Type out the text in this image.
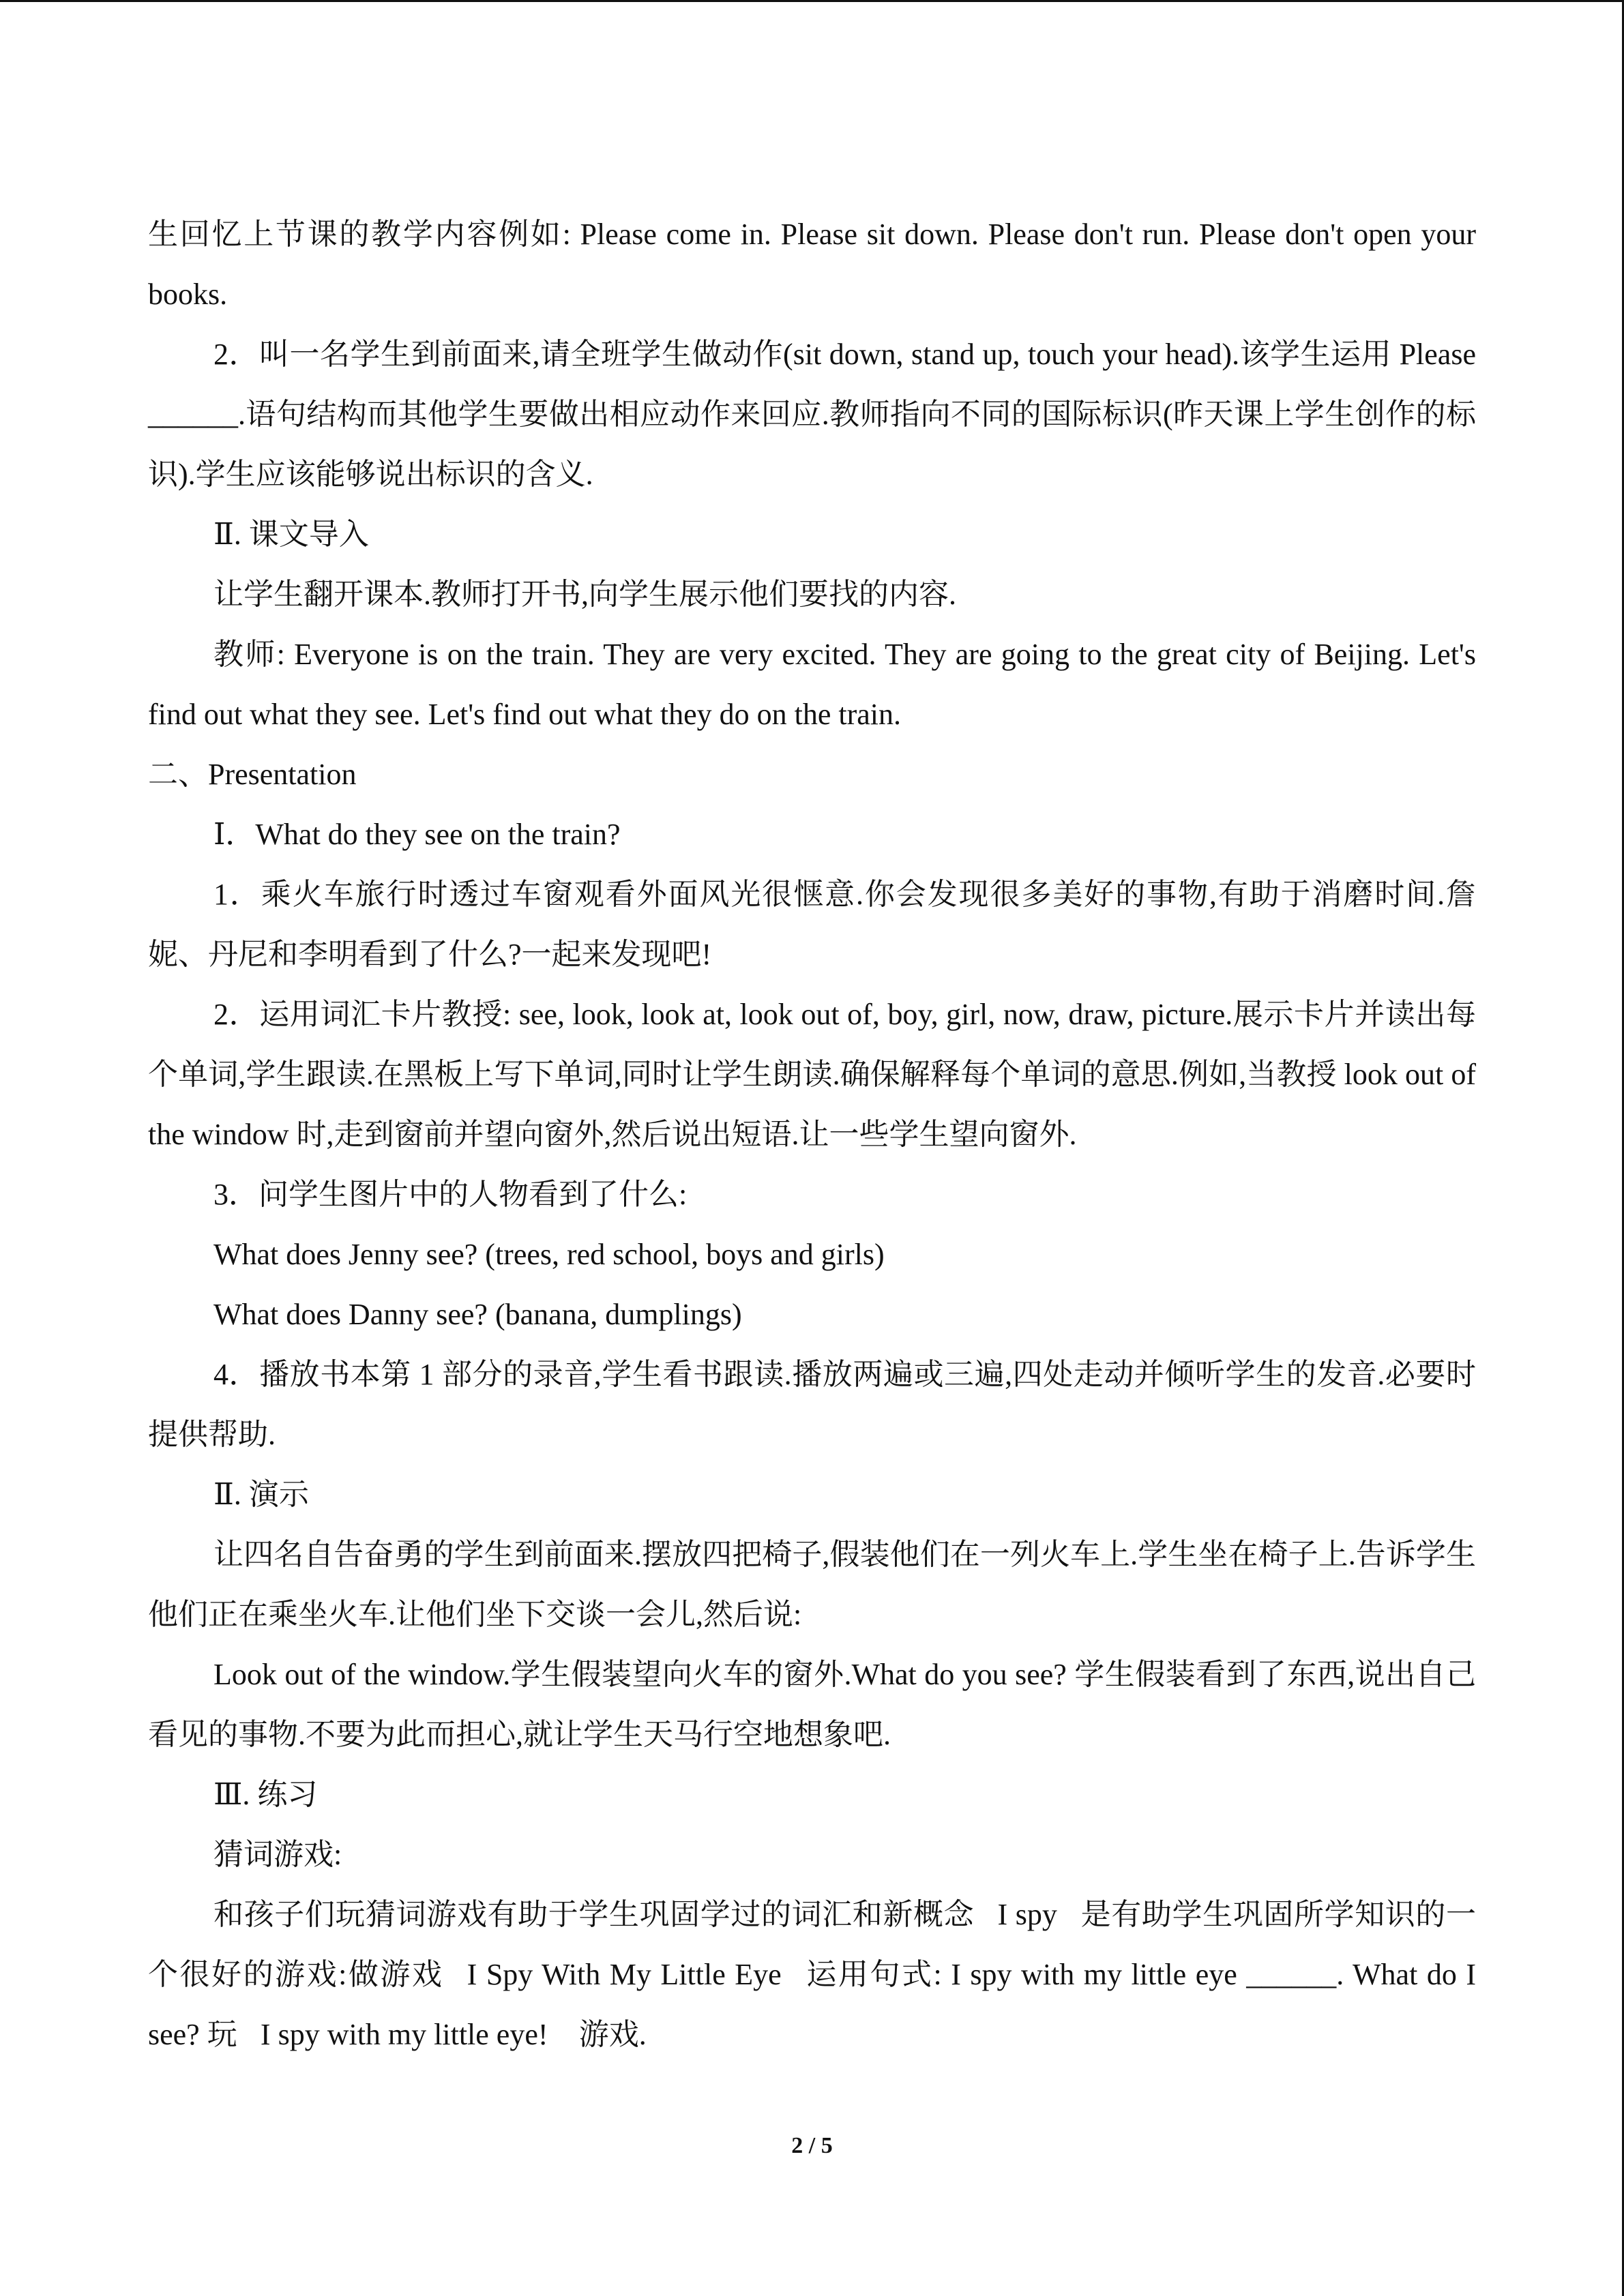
生回忆上节课的教学内容例如: Please come in. Please sit down. Please don't run. Please don't open your books.

2．叫一名学生到前面来,请全班学生做动作(sit down, stand up, touch your head).该学生运用 Please ______.语句结构而其他学生要做出相应动作来回应.教师指向不同的国际标识(昨天课上学生创作的标识).学生应该能够说出标识的含义.

Ⅱ. 课文导入

让学生翻开课本.教师打开书,向学生展示他们要找的内容.

教师: Everyone is on the train. They are very excited. They are going to the great city of Beijing. Let's find out what they see. Let's find out what they do on the train.

二、Presentation

Ⅰ．What do they see on the train?

1．乘火车旅行时透过车窗观看外面风光很惬意.你会发现很多美好的事物,有助于消磨时间.詹妮、丹尼和李明看到了什么?一起来发现吧!

2．运用词汇卡片教授: see, look, look at, look out of, boy, girl, now, draw, picture.展示卡片并读出每个单词,学生跟读.在黑板上写下单词,同时让学生朗读.确保解释每个单词的意思.例如,当教授 look out of the window 时,走到窗前并望向窗外,然后说出短语.让一些学生望向窗外.

3．问学生图片中的人物看到了什么:

What does Jenny see? (trees, red school, boys and girls)

What does Danny see? (banana, dumplings)

4．播放书本第 1 部分的录音,学生看书跟读.播放两遍或三遍,四处走动并倾听学生的发音.必要时提供帮助.

Ⅱ. 演示

让四名自告奋勇的学生到前面来.摆放四把椅子,假装他们在一列火车上.学生坐在椅子上.告诉学生他们正在乘坐火车.让他们坐下交谈一会儿,然后说:

Look out of the window.学生假装望向火车的窗外.What do you see? 学生假装看到了东西,说出自己看见的事物.不要为此而担心,就让学生天马行空地想象吧.

Ⅲ. 练习

猜词游戏:

和孩子们玩猜词游戏有助于学生巩固学过的词汇和新概念 I spy 是有助学生巩固所学知识的一个很好的游戏:做游戏 I Spy With My Little Eye 运用句式: I spy with my little eye ______. What do I see? 玩 I spy with my little eye!  游戏.

2 / 5
